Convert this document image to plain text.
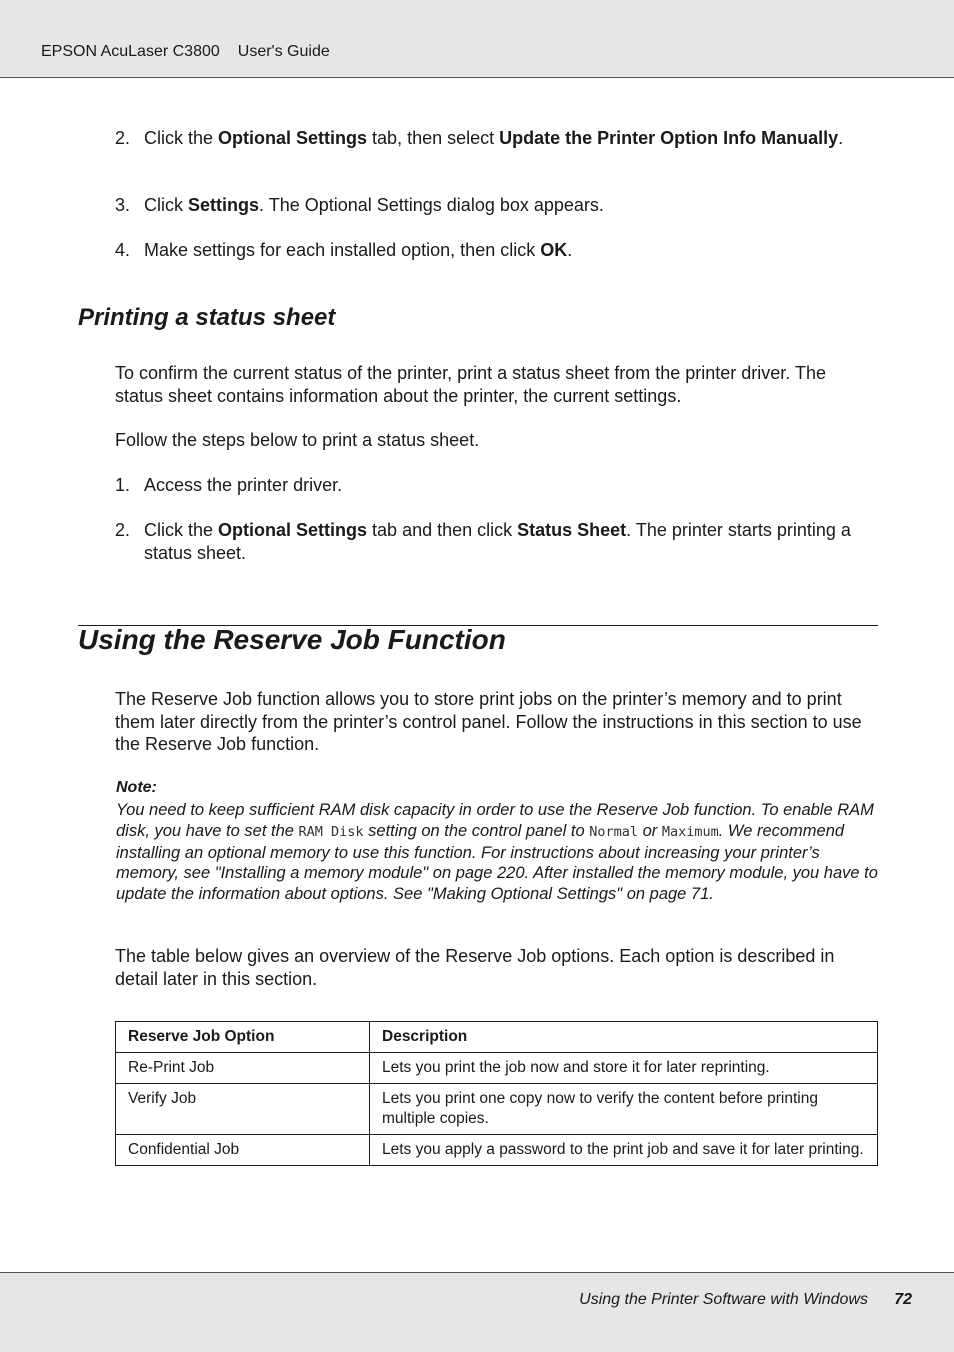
EPSON AcuLaser C3800 User's Guide
2. Click the Optional Settings tab, then select Update the Printer Option Info Manually.
3. Click Settings. The Optional Settings dialog box appears.
4. Make settings for each installed option, then click OK.
Printing a status sheet
To confirm the current status of the printer, print a status sheet from the printer driver. The status sheet contains information about the printer, the current settings.
Follow the steps below to print a status sheet.
1. Access the printer driver.
2. Click the Optional Settings tab and then click Status Sheet. The printer starts printing a status sheet.
Using the Reserve Job Function
The Reserve Job function allows you to store print jobs on the printer’s memory and to print them later directly from the printer’s control panel. Follow the instructions in this section to use the Reserve Job function.
Note:
You need to keep sufficient RAM disk capacity in order to use the Reserve Job function. To enable RAM disk, you have to set the RAM Disk setting on the control panel to Normal or Maximum. We recommend installing an optional memory to use this function. For instructions about increasing your printer’s memory, see "Installing a memory module" on page 220. After installed the memory module, you have to update the information about options. See "Making Optional Settings" on page 71.
The table below gives an overview of the Reserve Job options. Each option is described in detail later in this section.
Reserve Job Option	Description
Re-Print Job	Lets you print the job now and store it for later reprinting.
Verify Job	Lets you print one copy now to verify the content before printing multiple copies.
Confidential Job	Lets you apply a password to the print job and save it for later printing.
Using the Printer Software with Windows 72
